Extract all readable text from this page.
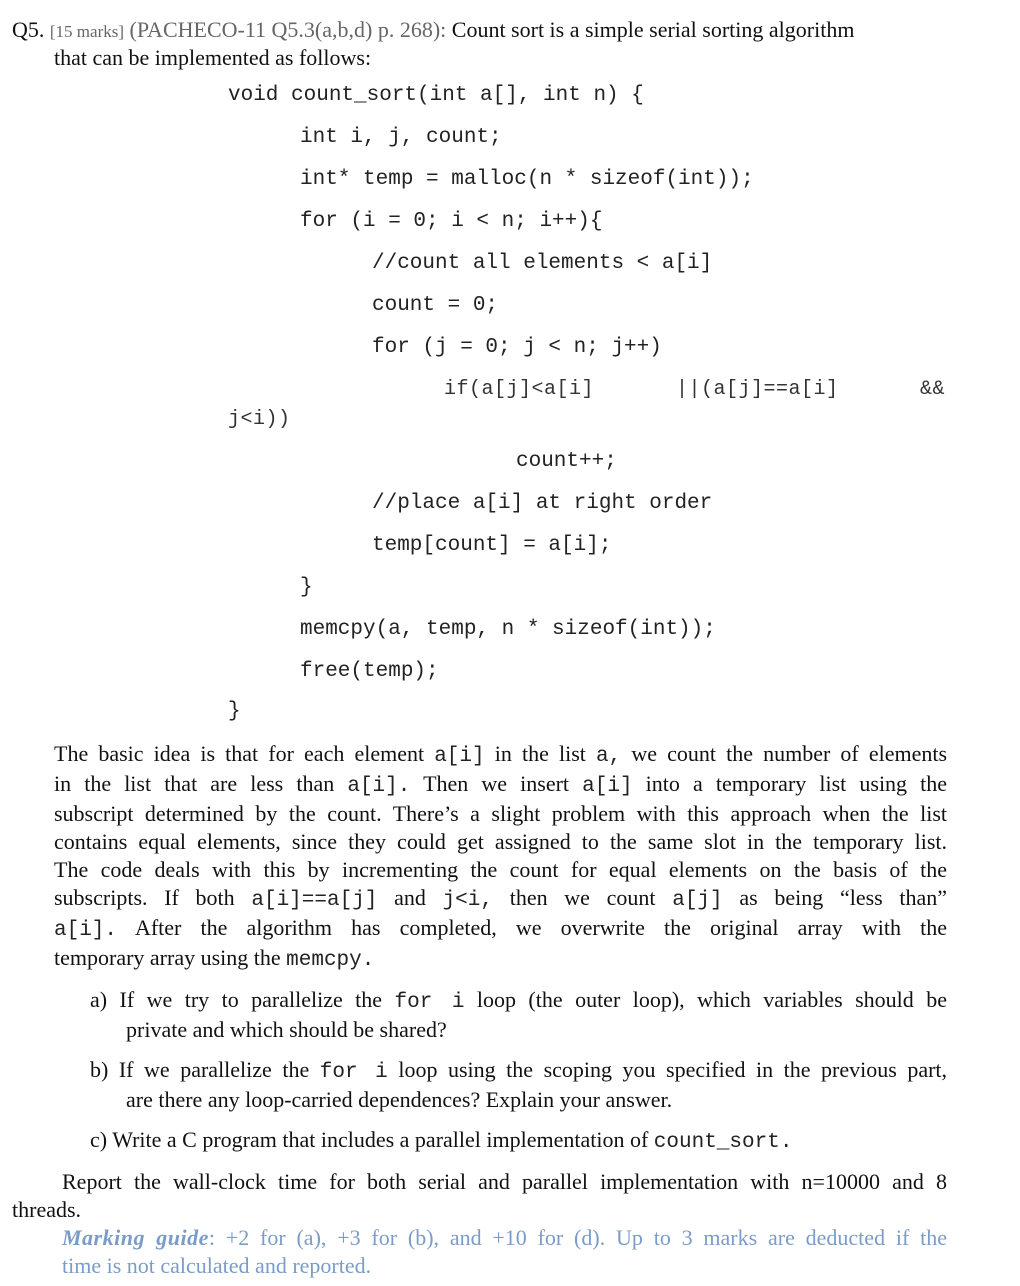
Q5. [15 marks] (PACHECO-11 Q5.3(a,b,d) p. 268): Count sort is a simple serial sorting algorithm
that can be implemented as follows:
void count_sort(int a[], int n) {
int i, j, count;
int* temp = malloc(n * sizeof(int));
for (i = 0; i < n; i++){
//count all elements < a[i]
count = 0;
for (j = 0; j < n; j++)
if(a[j]<a[i]	||(a[j]==a[i]	&&
j<i))
count++;
//place a[i] at right order
temp[count] = a[i];
}
memcpy(a, temp, n * sizeof(int));
free(temp);
}
The basic idea is that for each element a[i] in the list a, we count the number of elements
in the list that are less than a[i]. Then we insert a[i] into a temporary list using the
subscript determined by the count. There’s a slight problem with this approach when the list
contains equal elements, since they could get assigned to the same slot in the temporary list.
The code deals with this by incrementing the count for equal elements on the basis of the
subscripts. If both a[i]==a[j] and j<i, then we count a[j] as being “less than”
a[i]. After the algorithm has completed, we overwrite the original array with the
temporary array using the memcpy.
a) If we try to parallelize the for i loop (the outer loop), which variables should be
private and which should be shared?
b) If we parallelize the for i loop using the scoping you specified in the previous part,
are there any loop-carried dependences? Explain your answer.
c) Write a C program that includes a parallel implementation of count_sort.
Report the wall-clock time for both serial and parallel implementation with n=10000 and 8
threads.
Marking guide: +2 for (a), +3 for (b), and +10 for (d). Up to 3 marks are deducted if the
time is not calculated and reported.
